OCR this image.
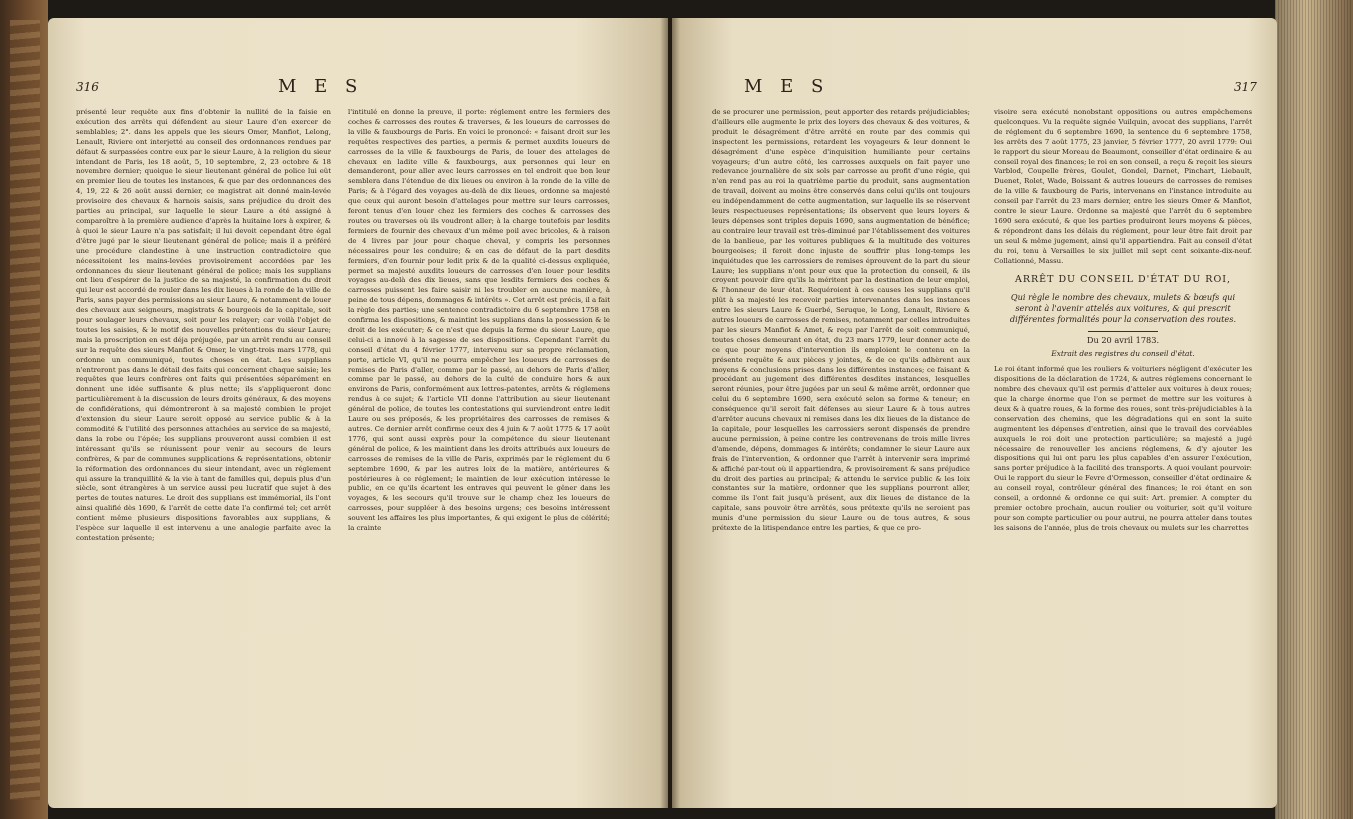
316	M E S

présenté leur requête aux fins d'obtenir la nullité de la faisie en exécution des arrêts qui défendent au sieur Laure d'en exercer de semblables; 2°. dans les appels que les sieurs Omer, Manfiot, Lelong, Lenault, Riviere ont interjetté au conseil des ordonnances rendues par défaut & surpassées contre eux par le sieur Laure, à la religion du sieur intendant de Paris, les 18 août, 5, 10 septembre, 2, 23 octobre & 18 novembre dernier; quoique le sieur lieutenant général de police lui eût en premier lieu de toutes les instances, & que par des ordonnances des 4, 19, 22 & 26 août aussi dernier, ce magistrat ait donné main-levée provisoire des chevaux & harnois saisis, sans préjudice du droit des parties au principal, sur laquelle le sieur Laure a été assigné à comparoître à la première audience d'après la huitaine lors à expirer, & à quoi le sieur Laure n'a pas satisfait; il lui devoit cependant être égal d'être jugé par le sieur lieutenant général de police; mais il a préféré une procédure clandestine à une instruction contradictoire que nécessitoient les mains-levées provisoirement accordées par les ordonnances du sieur lieutenant général de police; mais les supplians ont lieu d'espérer de la justice de sa majesté, la confirmation du droit qui leur est accordé de rouler dans les dix lieues à la ronde de la ville de Paris, sans payer des permissions au sieur Laure, & notamment de louer des chevaux aux seigneurs, magistrats & bourgeois de la capitale, soit pour soulager leurs chevaux, soit pour les relayer; car voilà l'objet de toutes les saisies, & le motif des nouvelles prétentions du sieur Laure; mais la proscription en est déja préjugée, par un arrêt rendu au conseil sur la requête des sieurs Manfiot & Omer, le vingt-trois mars 1778, qui ordonne un communiqué, toutes choses en état. Les supplians n'entreront pas dans le détail des faits qui concernent chaque saisie; les requêtes que leurs confrères ont faits qui présentées séparément en donnent une idée suffisante & plus nette; ils s'appliqueront donc particulièrement à la discussion de leurs droits généraux, & des moyens de confidérations, qui démontreront à sa majesté combien le projet d'extension du sieur Laure seroit opposé au service public & à la commodité & l'utilité des personnes attachées au service de sa majesté, dans la robe ou l'épée; les supplians prouveront aussi combien il est intéressant qu'ils se réunissent pour venir au secours de leurs confrères, & par de communes supplications & représentations, obtenir la réformation des ordonnances du sieur intendant, avec un réglement qui assure la tranquillité & la vie à tant de familles qui, depuis plus d'un siècle, sont étrangères à un service aussi peu lucratif que sujet à des pertes de toutes natures. Le droit des supplians est immémorial, ils l'ont ainsi qualifié dès 1690, & l'arrêt de cette date l'a confirmé tel; cet arrêt contient même plusieurs dispositions favorables aux supplians, & l'espèce sur laquelle il est intervenu a une analogie parfaite avec la contestation présente;

l'intitulé en donne la preuve, il porte: réglement entre les fermiers des coches & carrosses des routes & traverses, & les loueurs de carrosses de la ville & fauxbourgs de Paris. En voici le prononcé: « faisant droit sur les requêtes respectives des parties, a permis & permet auxdits loueurs de carrosses de la ville & fauxbourgs de Paris, de louer des attelages de chevaux en ladite ville & fauxbourgs, aux personnes qui leur en demanderont, pour aller avec leurs carrosses en tel endroit que bon leur semblera dans l'étendue de dix lieues ou environ à la ronde de la ville de Paris; & à l'égard des voyages au-delà de dix lieues, ordonne sa majesté que ceux qui auront besoin d'attelages pour mettre sur leurs carrosses, feront tenus d'en louer chez les fermiers des coches & carrosses des routes ou traverses où ils voudront aller; à la charge toutefois par lesdits fermiers de fournir des chevaux d'un même poil avec bricoles, & à raison de 4 livres par jour pour chaque cheval, y compris les personnes nécessaires pour les conduire; & en cas de défaut de la part desdits fermiers, d'en fournir pour ledit prix & de la qualité ci-dessus expliquée, permet sa majesté auxdits loueurs de carrosses d'en louer pour lesdits voyages au-delà des dix lieues, sans que lesdits fermiers des coches & carrosses puissent les faire saisir ni les troubler en aucune manière, à peine de tous dépens, dommages & intérêts ». Cet arrêt est précis, il a fait la règle des parties; une sentence contradictoire du 6 septembre 1758 en confirma les dispositions, & maintint les supplians dans la possession & le droit de les exécuter; & ce n'est que depuis la ferme du sieur Laure, que celui-ci a innové à la sagesse de ses dispositions. Cependant l'arrêt du conseil d'état du 4 février 1777, intervenu sur sa propre réclamation, porte, article VI, qu'il ne pourra empêcher les loueurs de carrosses de remises de Paris d'aller, comme par le passé, au dehors de Paris d'aller, comme par le passé, au dehors de la culté de conduire hors & aux environs de Paris, conformément aux lettres-patentes, arrêts & réglemens rendus à ce sujet; & l'article VII donne l'attribution au sieur lieutenant général de police, de toutes les contestations qui surviendront entre ledit Laure ou ses préposés, & les propriétaires des carrosses de remises & autres. Ce dernier arrêt confirme ceux des 4 juin & 7 août 1775 & 17 août 1776, qui sont aussi exprès pour la compétence du sieur lieutenant général de police, & les maintient dans les droits attribués aux loueurs de carrosses de remises de la ville de Paris, exprimés par le réglement du 6 septembre 1690, & par les autres loix de la matière, antérieures & postérieures à ce réglement; le maintien de leur exécution intéresse le public, en ce qu'ils écartent les entraves qui peuvent le gêner dans les voyages, & les secours qu'il trouve sur le champ chez les loueurs de carrosses, pour suppléer à des besoins urgens; ces besoins intéressent souvent les affaires les plus importantes, & qui exigent le plus de célérité; la crainte

M E S	317

de se procurer une permission, peut apporter des retards préjudiciables; d'ailleurs elle augmente le prix des loyers des chevaux & des voitures, & produit le désagrément d'être arrêté en route par des commis qui inspectent les permissions, retardent les voyageurs & leur donnent le désagrément d'une espèce d'inquisition humiliante pour certains voyageurs; d'un autre côté, les carrosses auxquels on fait payer une redevance journalière de six sols par carrosse au profit d'une régie, qui n'en rend pas au roi la quatrième partie du produit, sans augmentation de travail, doivent au moins être conservés dans celui qu'ils ont toujours eu indépendamment de cette augmentation, sur laquelle ils se réservent leurs respectueuses représentations; ils observent que leurs loyers & leurs dépenses sont triples depuis 1690, sans augmentation de bénéfice; au contraire leur travail est très-diminué par l'établissement des voitures de la banlieue, par les voitures publiques & la multitude des voitures bourgeoises; il feroit donc injuste de souffrir plus long-temps les inquiétudes que les carrossiers de remises éprouvent de la part du sieur Laure; les supplians n'ont pour eux que la protection du conseil, & ils croyent pouvoir dire qu'ils la méritent par la destination de leur emploi, & l'honneur de leur état. Requéroient à ces causes les supplians qu'il plût à sa majesté les recevoir parties intervenantes dans les instances entre les sieurs Laure & Guerbé, Seruque, le Long, Lenault, Riviere & autres loueurs de carrosses de remises, notamment par celles introduites par les sieurs Manfiot & Amet, & reçu par l'arrêt de soit communiqué, toutes choses demeurant en état, du 23 mars 1779, leur donner acte de ce que pour moyens d'intervention ils emploient le contenu en la présente requête & aux pièces y jointes, & de ce qu'ils adhèrent aux moyens & conclusions prises dans les différentes instances; ce faisant & procédant au jugement des différentes desdites instances, lesquelles seront réunies, pour être jugées par un seul & même arrêt, ordonner que celui du 6 septembre 1690, sera exécuté selon sa forme & teneur; en conséquence qu'il seroit fait défenses au sieur Laure & à tous autres d'arrêter aucuns chevaux ni remises dans les dix lieues de la distance de la capitale, pour lesquelles les carrossiers seront dispensés de prendre aucune permission, à peine contre les contrevenans de trois mille livres d'amende, dépens, dommages & intérêts; condamner le sieur Laure aux frais de l'intervention, & ordonner que l'arrêt à intervenir sera imprimé & affiché par-tout où il appartiendra, & provisoirement & sans préjudice du droit des parties au principal; & attendu le service public & les loix constantes sur la matière, ordonner que les supplians pourront aller, comme ils l'ont fait jusqu'à présent, aux dix lieues de distance de la capitale, sans pouvoir être arrêtés, sous prétexte qu'ils ne seroient pas munis d'une permission du sieur Laure ou de tous autres, & sous prétexte de la litispendance entre les parties, & que ce pro-

visoire sera exécuté nonobstant oppositions ou autres empêchemens quelconques. Vu la requête signée Vuilquin, avocat des supplians, l'arrêt de réglement du 6 septembre 1690, la sentence du 6 septembre 1758, les arrêts des 7 août 1775, 23 janvier, 5 février 1777, 20 avril 1779: Oui le rapport du sieur Moreau de Beaumont, conseiller d'état ordinaire & au conseil royal des finances; le roi en son conseil, a reçu & reçoit les sieurs Varblod, Coupelle frères, Goulet, Gondel, Darnet, Pinchart, Liebault, Duenet, Rolet, Wade, Boissant & autres loueurs de carrosses de remises de la ville & fauxbourg de Paris, intervenans en l'instance introduite au conseil par l'arrêt du 23 mars dernier, entre les sieurs Omer & Manfiot, contre le sieur Laure. Ordonne sa majesté que l'arrêt du 6 septembre 1690 sera exécuté, & que les parties produiront leurs moyens & pièces, & répondront dans les délais du réglement, pour leur être fait droit par un seul & même jugement, ainsi qu'il appartiendra. Fait au conseil d'état du roi, tenu à Versailles le six juillet mil sept cent soixante-dix-neuf. Collationné, Massu.

ARRÊT DU CONSEIL D'ÉTAT DU ROI,
Qui règle le nombre des chevaux, mulets & bœufs qui seront à l'avenir attelés aux voitures, & qui prescrit différentes formalités pour la conservation des routes.
Du 20 avril 1783.
Extrait des registres du conseil d'état.

Le roi étant informé que les rouliers & voituriers négligent d'exécuter les dispositions de la déclaration de 1724, & autres réglemens concernant le nombre des chevaux qu'il est permis d'atteler aux voitures à deux roues; que la charge énorme que l'on se permet de mettre sur les voitures à deux & à quatre roues, & la forme des roues, sont très-préjudiciables à la conservation des chemins, que les dégradations qui en sont la suite augmentent les dépenses d'entretien, ainsi que le travail des corvéables auxquels le roi doit une protection particulière; sa majesté a jugé nécessaire de renouveller les anciens réglemens, & d'y ajouter les dispositions qui lui ont paru les plus capables d'en assurer l'exécution, sans porter préjudice à la facilité des transports. A quoi voulant pourvoir: Oui le rapport du sieur le Fevre d'Ormesson, conseiller d'état ordinaire & au conseil royal, contrôleur général des finances; le roi étant en son conseil, a ordonné & ordonne ce qui suit: Art. premier. A compter du premier octobre prochain, aucun roulier ou voiturier, soit qu'il voiture pour son compte particulier ou pour autrui, ne pourra atteler dans toutes les saisons de l'année, plus de trois chevaux ou mulets sur les charrettes
